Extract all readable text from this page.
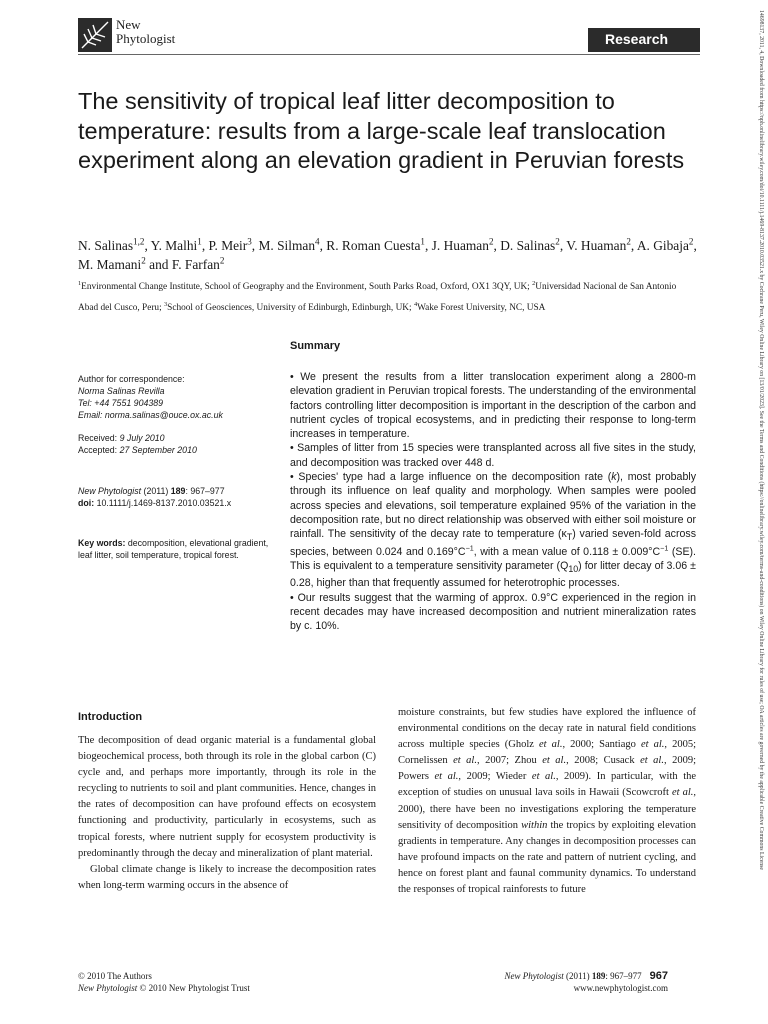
New
Phytologist	Research
The sensitivity of tropical leaf litter decomposition to temperature: results from a large-scale leaf translocation experiment along an elevation gradient in Peruvian forests

N. Salinas$^{1,2}$, Y. Malhi$^1$, P. Meir$^3$, M. Silman$^4$, R. Roman Cuesta$^1$, J. Huaman$^2$, D. Salinas$^2$, V. Huaman$^2$, A. Gibaja$^2$, M. Mamani$^2$ and F. Farfan$^2$

$^1$Environmental Change Institute, School of Geography and the Environment, South Parks Road, Oxford, OX1 3QY, UK; $^2$Universidad Nacional de San Antonio Abad del Cusco, Peru; $^3$School of Geosciences, University of Edinburgh, Edinburgh, UK; $^4$Wake Forest University, NC, USA

Author for correspondence:

Norma Salinas Revilla

Tel: +44 7551 904389

Email: norma.salinas@ouce.ox.ac.uk

Received: 9 July 2010

Accepted: 27 September 2010

New Phytologist (2011) 189: 967–977

doi: 10.1111/j.1469-8137.2010.03521.x

Key words: decomposition, elevational gradient, leaf litter, soil temperature, tropical forest.

Summary

• We present the results from a litter translocation experiment along a 2800-m elevation gradient in Peruvian tropical forests. The understanding of the environmental factors controlling litter decomposition is important in the description of the carbon and nutrient cycles of tropical ecosystems, and in predicting their response to long-term increases in temperature.

• Samples of litter from 15 species were transplanted across all five sites in the study, and decomposition was tracked over 448 d.

• Species' type had a large influence on the decomposition rate (k), most probably through its influence on leaf quality and morphology. When samples were pooled across species and elevations, soil temperature explained 95% of the variation in the decomposition rate, but no direct relationship was observed with either soil moisture or rainfall. The sensitivity of the decay rate to temperature $(\kappa_T)$ varied seven-fold across species, between 0.024 and $0.169^\circ C^{-1}$, with a mean value of $0.118 \pm 0.009^\circ C^{-1}$ (SE). This is equivalent to a temperature sensitivity parameter $(Q_{10})$ for litter decay of 3.06 ± 0.28, higher than that frequently assumed for heterotrophic processes.

• Our results suggest that the warming of approx. 0.9°C experienced in the region in recent decades may have increased decomposition and nutrient mineralization rates by c. 10%.

Introduction

The decomposition of dead organic material is a fundamental global biogeochemical process, both through its role in the global carbon (C) cycle and, and perhaps more importantly, through its role in the recycling to nutrients to soil and plant communities. Hence, changes in the rates of decomposition can have profound effects on ecosystem functioning and productivity, particularly in ecosystems, such as tropical forests, where nutrient supply for ecosystem productivity is predominantly through the decay and mineralization of plant material.

Global climate change is likely to increase the decomposition rates when long-term warming occurs in the absence of

moisture constraints, but few studies have explored the influence of environmental conditions on the decay rate in natural field conditions across multiple species (Gholz et al., 2000; Santiago et al., 2005; Cornelissen et al., 2007; Zhou et al., 2008; Cusack et al., 2009; Powers et al., 2009; Wieder et al., 2009). In particular, with the exception of studies on unusual lava soils in Hawaii (Scowcroft et al., 2000), there have been no investigations exploring the temperature sensitivity of decomposition within the tropics by exploiting elevation gradients in temperature. Any changes in decomposition processes can have profound impacts on the rate and pattern of nutrient cycling, and hence on forest plant and faunal community dynamics. To understand the responses of tropical rainforests to future

© 2010 The Authors
New Phytologist © 2010 New Phytologist Trust
New Phytologist (2011) 189: 967–977 967
www.newphytologist.com
14698137, 2011, 4, Downloaded from https://nph.onlinelibrary.wiley.com/doi/10.1111/j.1469-8137.2010.03521.x by Cochrane Peru, Wiley Online Library on [13/01/2023]. See the Terms and Conditions (https://onlinelibrary.wiley.com/terms-and-conditions) on Wiley Online Library for rules of use; OA articles are governed by the applicable Creative Commons License
